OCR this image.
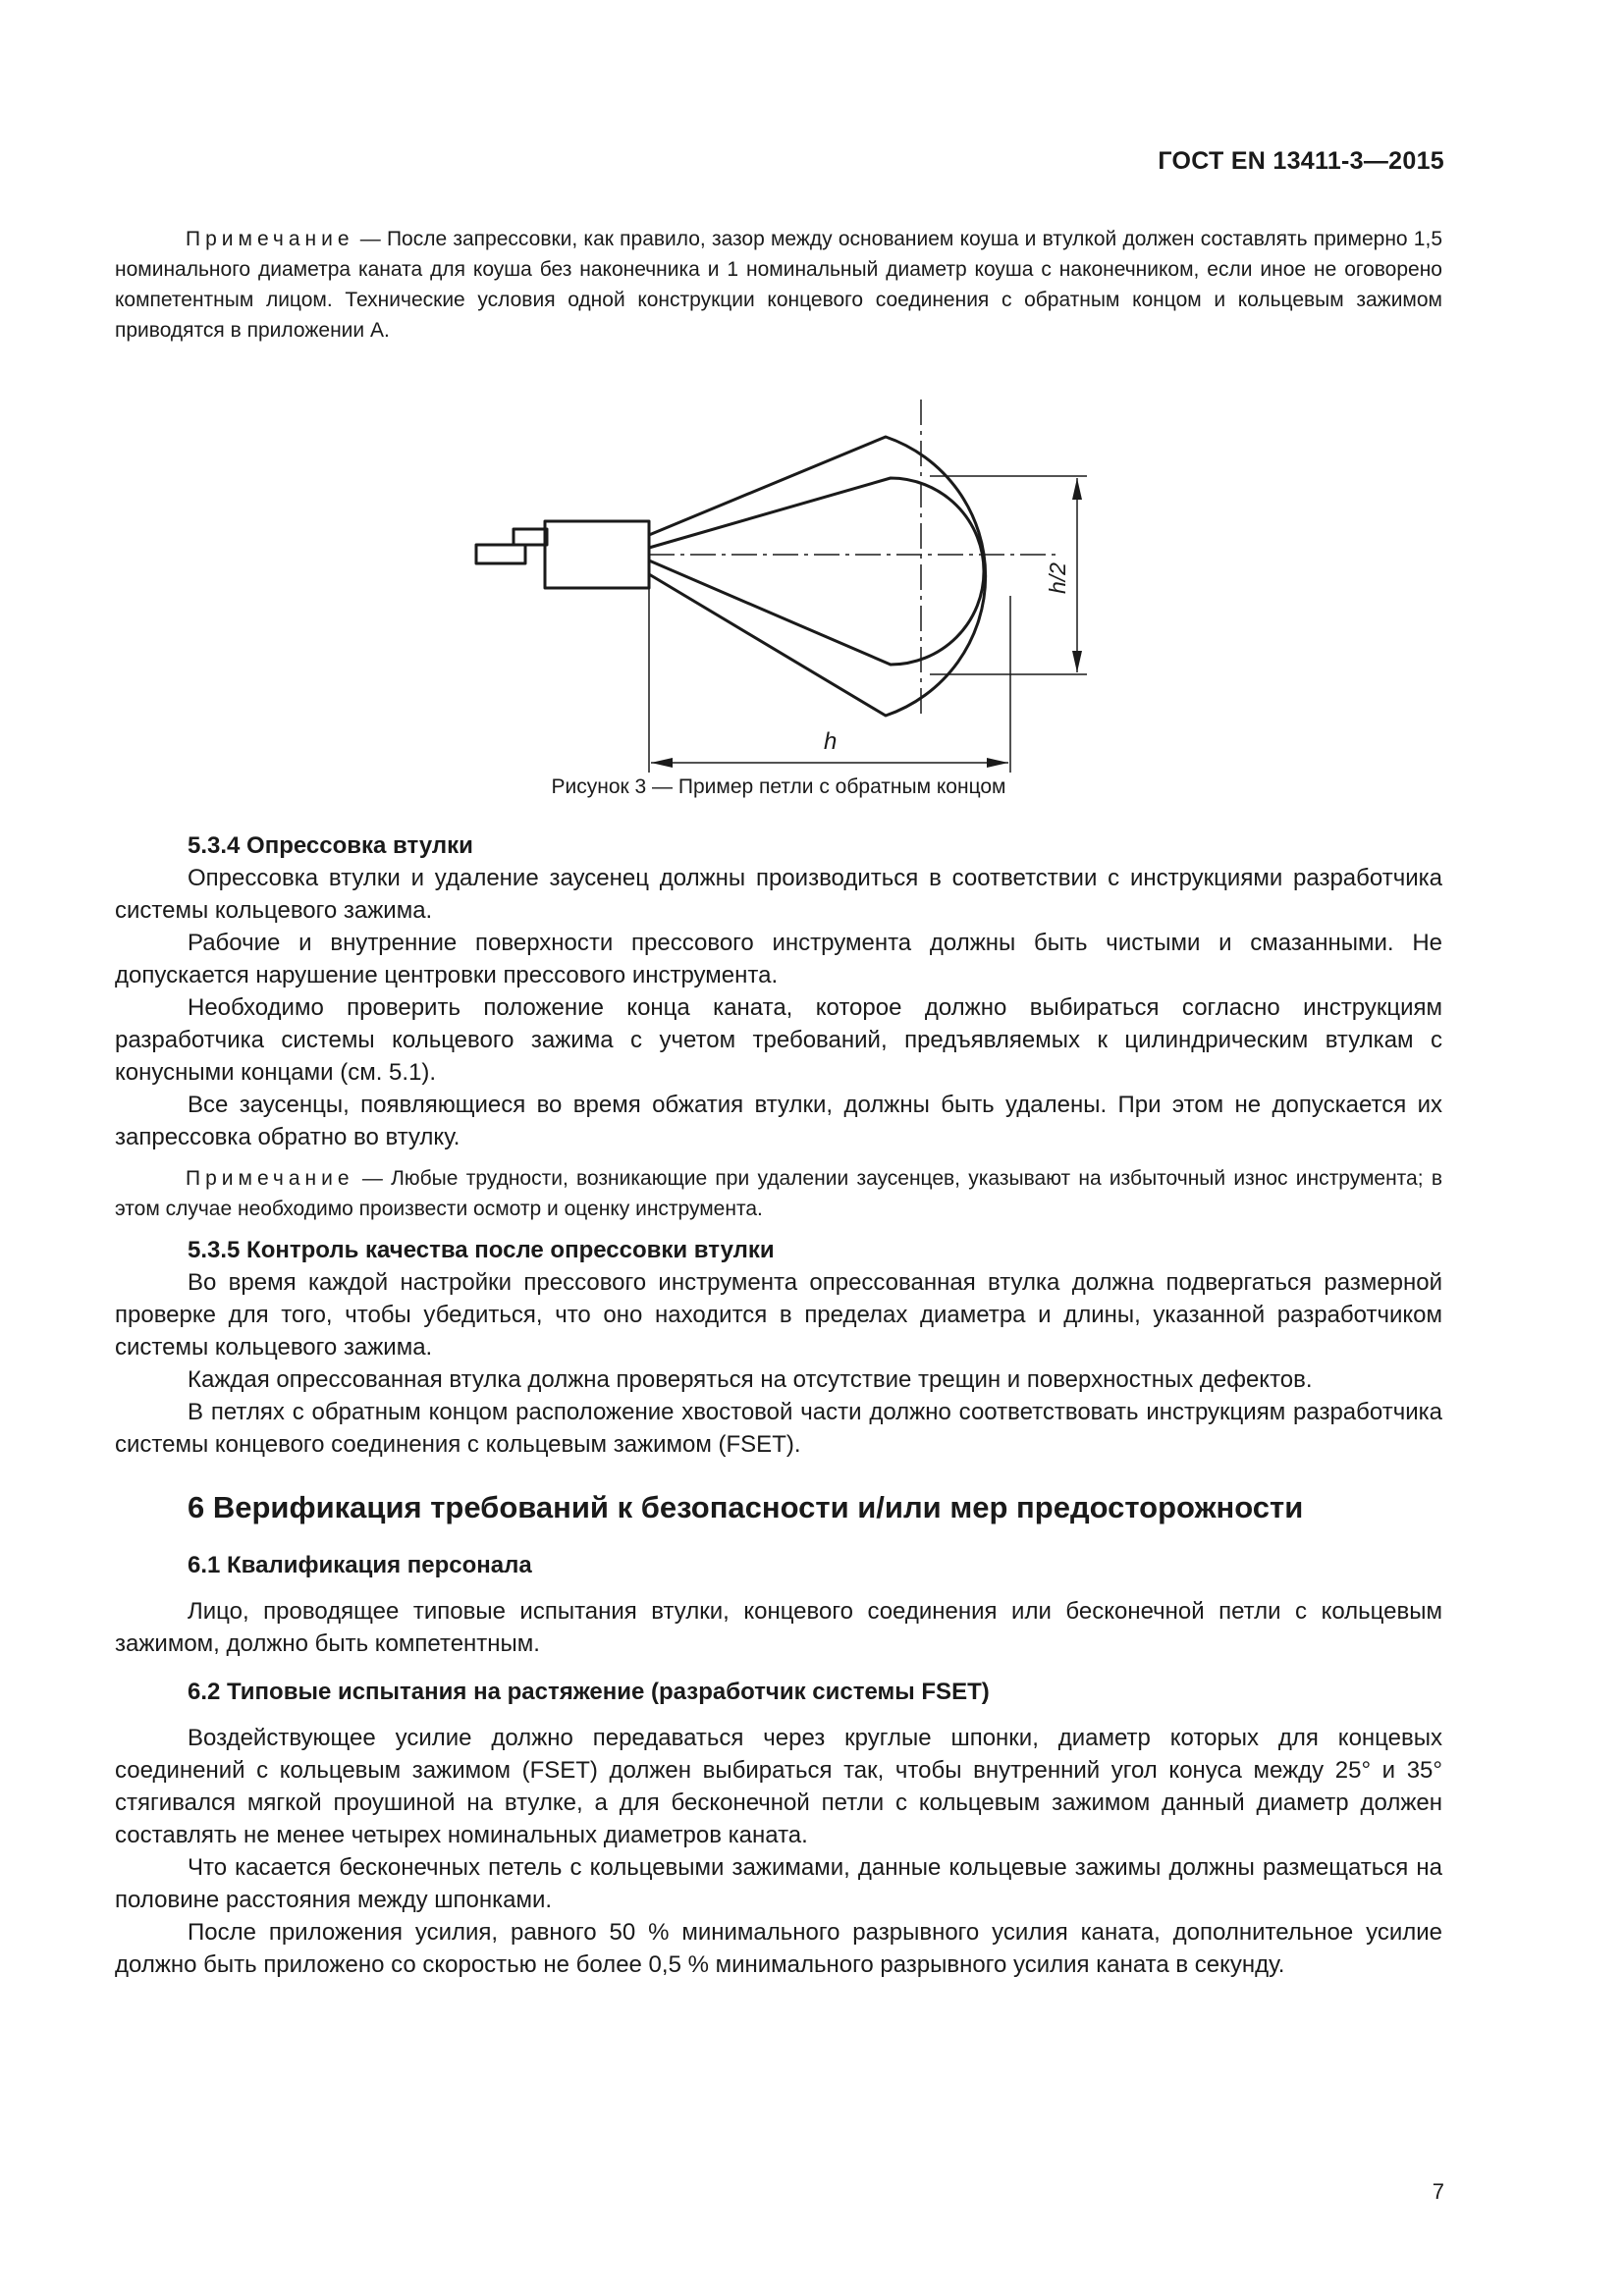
ГОСТ EN 13411-3—2015

Примечание — После запрессовки, как правило, зазор между основанием коуша и втулкой должен составлять примерно 1,5 номинального диаметра каната для коуша без наконечника и 1 номинальный диаметр коуша с наконечником, если иное не оговорено компетентным лицом. Технические условия одной конструкции концевого соединения с обратным концом и кольцевым зажимом приводятся в приложении А.

h
h/2

Рисунок 3 — Пример петли с обратным концом

5.3.4 Опрессовка втулки

Опрессовка втулки и удаление заусенец должны производиться в соответствии с инструкциями разработчика системы кольцевого зажима.

Рабочие и внутренние поверхности прессового инструмента должны быть чистыми и смазанными. Не допускается нарушение центровки прессового инструмента.

Необходимо проверить положение конца каната, которое должно выбираться согласно инструкциям разработчика системы кольцевого зажима с учетом требований, предъявляемых к цилиндрическим втулкам с конусными концами (см. 5.1).

Все заусенцы, появляющиеся во время обжатия втулки, должны быть удалены. При этом не допускается их запрессовка обратно во втулку.

Примечание — Любые трудности, возникающие при удалении заусенцев, указывают на избыточный износ инструмента; в этом случае необходимо произвести осмотр и оценку инструмента.

5.3.5 Контроль качества после опрессовки втулки

Во время каждой настройки прессового инструмента опрессованная втулка должна подвергаться размерной проверке для того, чтобы убедиться, что оно находится в пределах диаметра и длины, указанной разработчиком системы кольцевого зажима.

Каждая опрессованная втулка должна проверяться на отсутствие трещин и поверхностных дефектов.

В петлях с обратным концом расположение хвостовой части должно соответствовать инструкциям разработчика системы концевого соединения с кольцевым зажимом (FSET).

6 Верификация требований к безопасности и/или мер предосторожности

6.1 Квалификация персонала

Лицо, проводящее типовые испытания втулки, концевого соединения или бесконечной петли с кольцевым зажимом, должно быть компетентным.

6.2 Типовые испытания на растяжение (разработчик системы FSET)

Воздействующее усилие должно передаваться через круглые шпонки, диаметр которых для концевых соединений с кольцевым зажимом (FSET) должен выбираться так, чтобы внутренний угол конуса между 25° и 35° стягивался мягкой проушиной на втулке, а для бесконечной петли с кольцевым зажимом данный диаметр должен составлять не менее четырех номинальных диаметров каната.

Что касается бесконечных петель с кольцевыми зажимами, данные кольцевые зажимы должны размещаться на половине расстояния между шпонками.

После приложения усилия, равного 50 % минимального разрывного усилия каната, дополнительное усилие должно быть приложено со скоростью не более 0,5 % минимального разрывного усилия каната в секунду.

7
